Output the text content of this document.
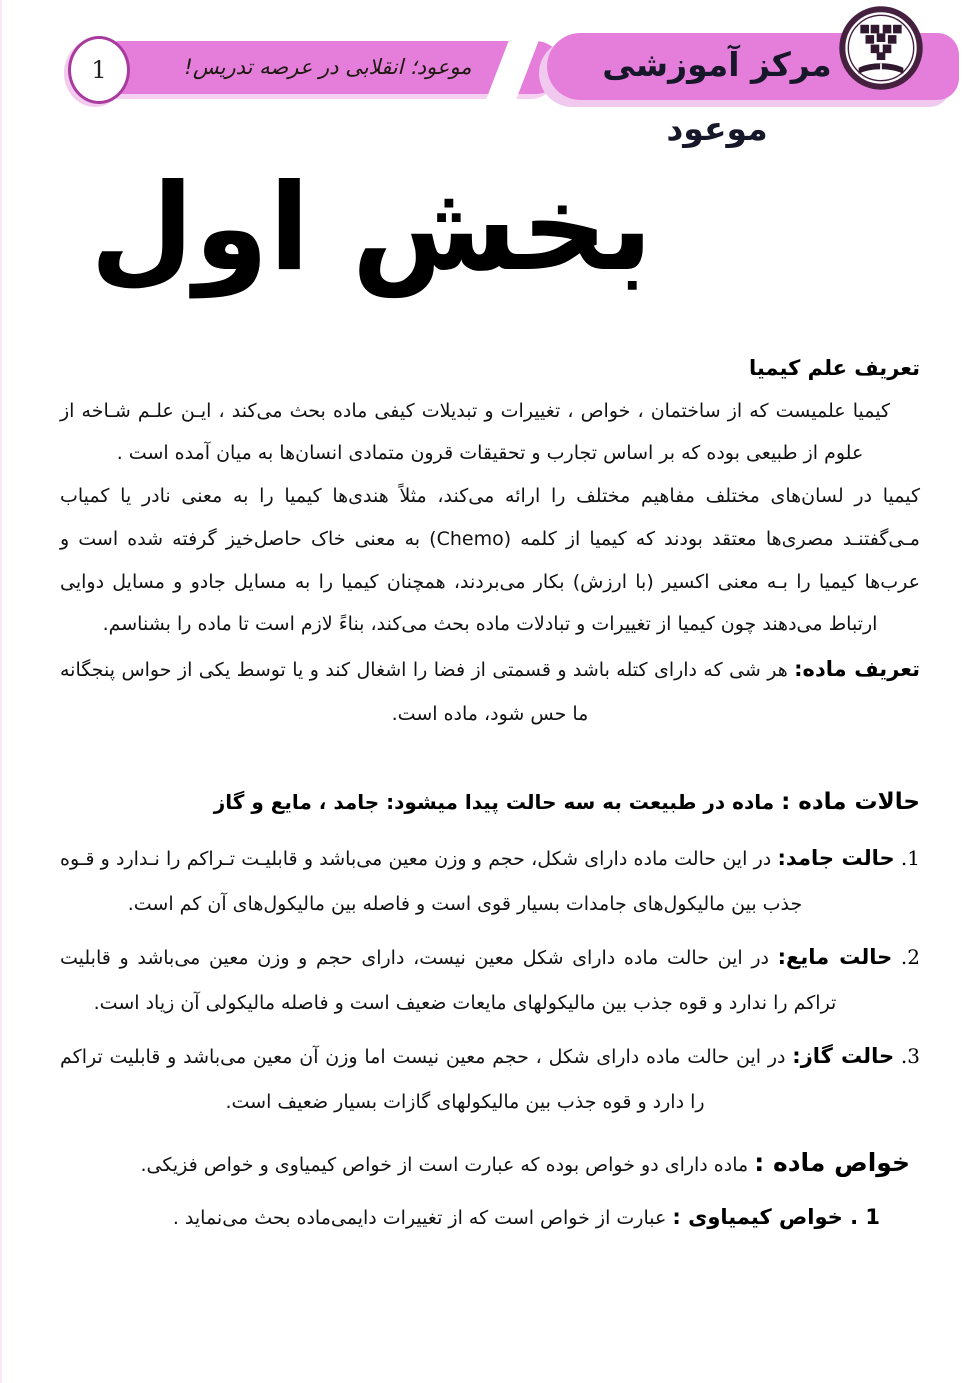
موعود؛ انقلابی در عرصه تدریس!	مرکز آموزشی موعود
1
بخش اول
تعریف علم کیمیا

کیمیا علمیست که از ساختمان ، خواص ، تغییرات و تبدیلات کیفی ماده بحث می‌کند ، ایـن علـم شـاخه از علوم از طبیعی بوده که بر اساس تجارب و تحقیقات قرون متمادی انسان‌ها به میان آمده است .

کیمیا در لسان‌های مختلف مفاهیم مختلف را ارائه می‌کند، مثلاً هندی‌ها کیمیا را به معنی نادر یا کمیاب مـی‌گفتنـد مصری‌ها معتقد بودند که کیمیا از کلمه (Chemo) به معنی خاک حاصل‌خیز گرفته شده است و عرب‌ها کیمیا را بـه معنی اکسیر (با ارزش) بکار می‌بردند، همچنان کیمیا را به مسایل جادو و مسایل دوایی ارتباط می‌دهند چون کیمیا از تغییرات و تبادلات ماده بحث می‌کند، بناءً لازم است تا ماده را بشناسم.

تعریف ماده: هر شی که دارای کتله باشد و قسمتی از فضا را اشغال کند و یا توسط یکی از حواس پنجگانه ما حس شود، ماده است.

حالات ماده : ماده در طبیعت به سه حالت پیدا میشود: جامد ، مایع و گاز
1. حالت جامد: در این حالت ماده دارای شکل، حجم و وزن معین می‌باشد و قابلیـت تـراکم را نـدارد و قـوه جذب بین مالیکول‌های جامدات بسیار قوی است و فاصله بین مالیکول‌های آن کم است.
2. حالت مایع: در این حالت ماده دارای شکل معین نیست، دارای حجم و وزن معین می‌باشد و قابلیت تراکم را ندارد و قوه جذب بین مالیکولهای مایعات ضعیف است و فاصله مالیکولی آن زیاد است.
3. حالت گاز: در این حالت ماده دارای شکل ، حجم معین نیست اما وزن آن معین می‌باشد و قابلیت تراکم را دارد و قوه جذب بین مالیکولهای گازات بسیار ضعیف است.
خواص ماده : ماده دارای دو خواص بوده که عبارت است از خواص کیمیاوی و خواص فزیکی.
1 . خواص کیمیاوی : عبارت از خواص است که از تغییرات دایمی‌ماده بحث می‌نماید .
